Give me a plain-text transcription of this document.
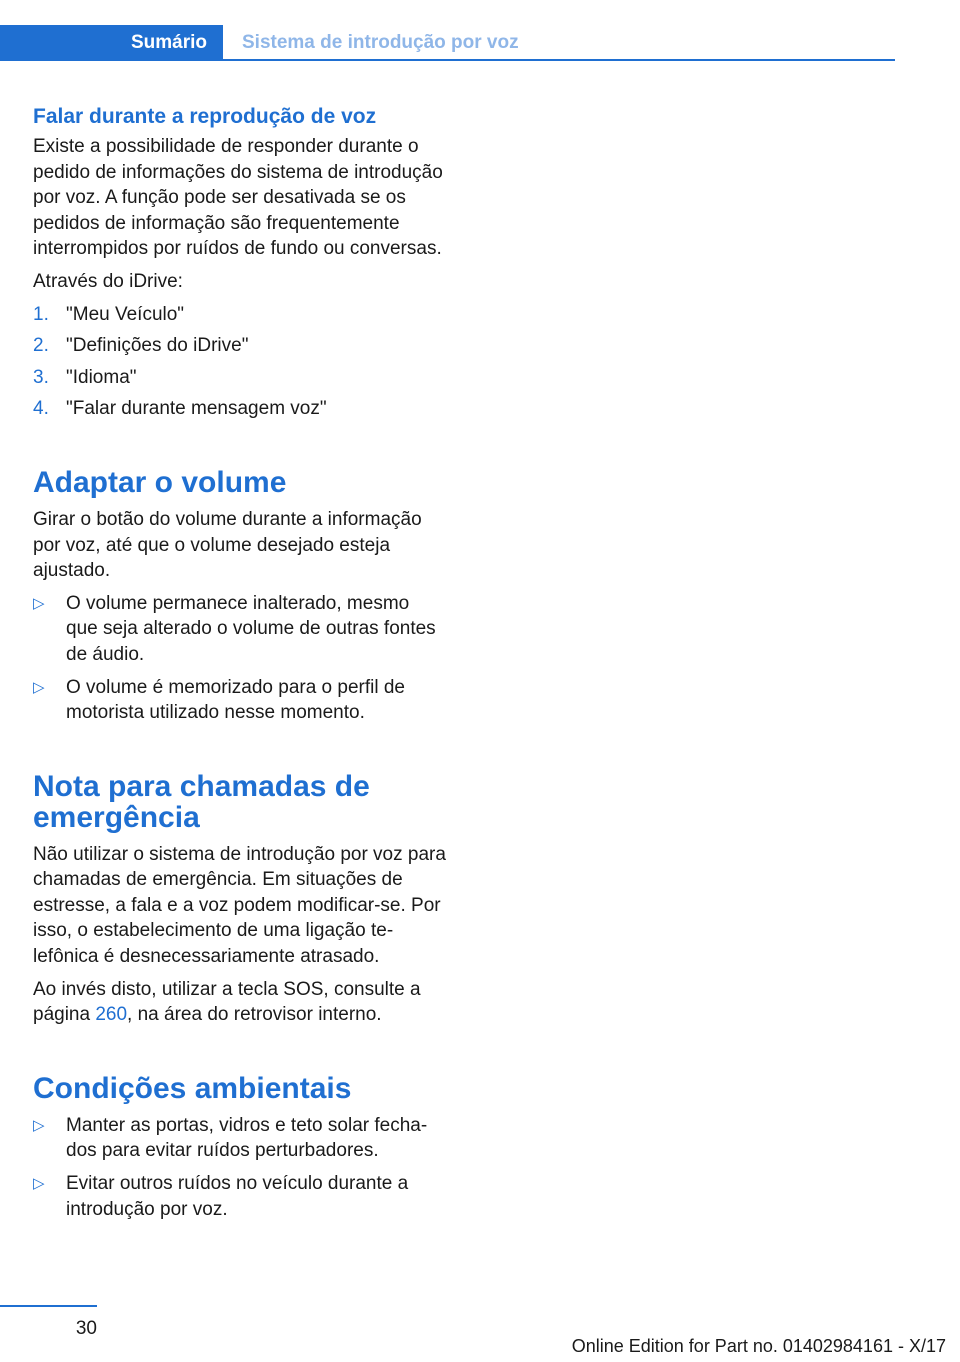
Sumário	Sistema de introdução por voz
Falar durante a reprodução de voz

Existe a possibilidade de responder durante o pedido de informações do sistema de introdução por voz. A função pode ser desativada se os pedidos de informação são frequentemente interrompidos por ruídos de fundo ou conversas.

Através do iDrive:

1. "Meu Veículo"
2. "Definições do iDrive"
3. "Idioma"
4. "Falar durante mensagem voz"
Adaptar o volume

Girar o botão do volume durante a informação por voz, até que o volume desejado esteja ajustado.

▷ O volume permanece inalterado, mesmo que seja alterado o volume de outras fontes de áudio.
▷ O volume é memorizado para o perfil de motorista utilizado nesse momento.
Nota para chamadas de emergência

Não utilizar o sistema de introdução por voz para chamadas de emergência. Em situações de estresse, a fala e a voz podem modificar-se. Por isso, o estabelecimento de uma ligação telefônica é desnecessariamente atrasado.

Ao invés disto, utilizar a tecla SOS, consulte a página 260, na área do retrovisor interno.

Condições ambientais
▷ Manter as portas, vidros e teto solar fechados para evitar ruídos perturbadores.
▷ Evitar outros ruídos no veículo durante a introdução por voz.
30
Online Edition for Part no. 01402984161 - X/17
